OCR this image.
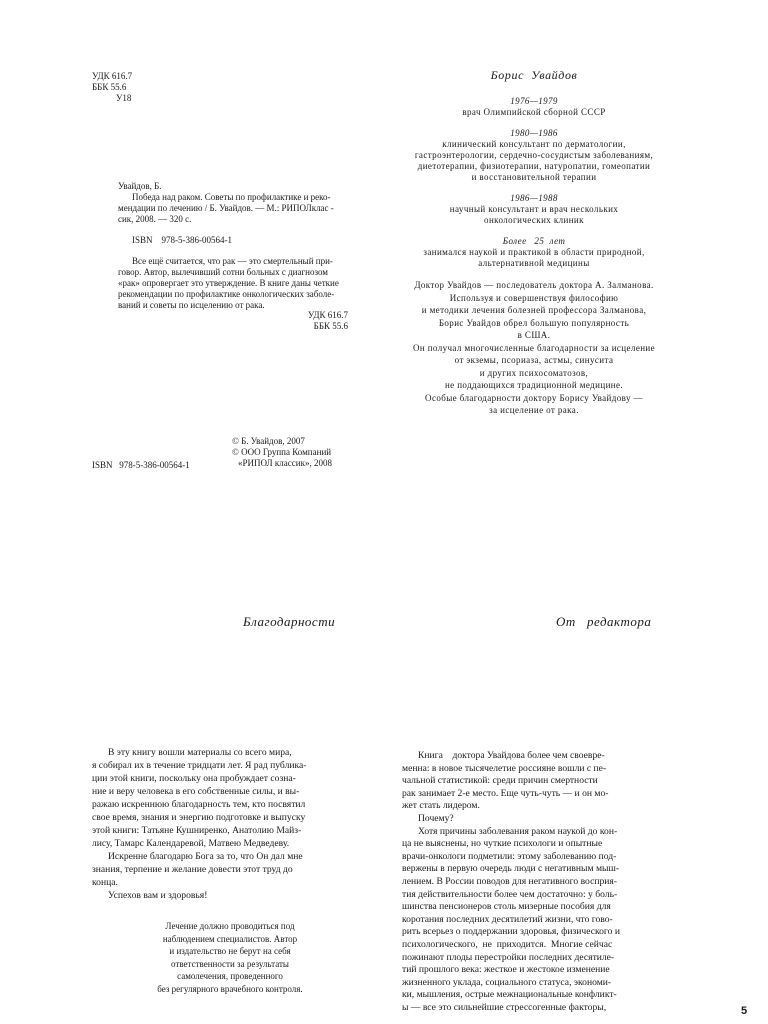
УДК 616.7
ББК 55.6
У18
Увайдов, Б.
Победа над раком. Советы по профилактике и реко-
мендации по лечению / Б. Увайдов. — М.: РИПОЛклас -
сик, 2008. — 320 с.
ISBN    978-5-386-00564-1
Все ещё считается, что рак — это смертельный при-
говор. Автор, вылечивший сотни больных с диагнозом
«рак» опровергает это утверждение. В книге даны четкие
рекомендации по профилактике онкологических заболе-
ваний и советы по исцелению от рака.
УДК 616.7
ББК 55.6
© Б. Увайдов, 2007
© ООО Группа Компаний
«РИПОЛ классик», 2008
ISBN   978-5-386-00564-1
Борис  Увайдов
1976—1979
врач Олимпийской сборной СССР
1980—1986
клинический консультант по дерматологии,
гастроэнтерологии, сердечно-сосудистым заболеваниям,
диетотерапии, физиотерапии, натуропатии, гомеопатии
и восстановительной терапии
1986—1988
научный консультант и врач нескольких
онкологических клиник
Более   25  лет
занимался наукой и практикой в области природной,
альтернативной медицины
Доктор Увайдов — последователь доктора А. Залманова.
Используя и совершенствуя философию
и методики лечения болезней профессора Залманова,
Борис Увайдов обрел большую популярность
в США.
Он получал многочисленные благодарности за исцеление
от экземы, псориаза, астмы, синусита
и других психосоматозов,
не поддающихся традиционной медицине.
Особые благодарности доктору Борису Увайдову —
за исцеление от рака.
Благодарности

В эту книгу вошли материалы со всего мира,
я собирал их в течение тридцати лет. Я рад публика-
ции этой книги, поскольку она пробуждает созна-
ние и веру человека в его собственные силы, и вы-
ражаю искреннюю благодарность тем, кто посвятил
свое время, знания и энергию подготовке и выпуску
этой книги: Татьяне Кушниренко, Анатолию Майз-
лису, Тамарс Календаревой, Матвею Медведеву.

Искренне благодарю Бога за то, что Он дал мне
знания, терпение и желание довести этот труд до
конца.

Успехов вам и здоровья!

Лечение должно проводиться под
наблюдением специалистов. Автор
и издательство не берут на себя
ответственности за результаты
самолечения, проведенного
без регулярного врачебного контроля.
От   редактора

Книга    доктора Увайдова более чем своевре-
менна: в новое тысячелетие россияне вошли с пе-
чальной статистикой: среди причин смертности
рак занимает 2-е место. Еще чуть-чуть — и он мо-
жет стать лидером.

Почему?

Хотя причины заболевания раком наукой до кон-
ца не выяснены, но чуткие психологи и опытные
врачи-онкологи подметили: этому заболеванию под-
вержены в первую очередь люди с негативным мыш-
лением. В России поводов для негативного восприя-
тия действительности более чем достаточно: у боль-
шинства пенсионеров столь мизерные пособия для
коротания последних десятилетий жизни, что гово-
рить всерьез о поддержании здоровья, физического и
психологического,  не  приходится.  Многие сейчас
пожинают плоды перестройки последних десятиле-
тий прошлого века: жесткое и жестокое изменение
жизненного уклада, социального статуса, экономи-
ки, мышления, острые межнациональные конфликт-
ы — все это сильнейшие стрессогенные факторы,	5
